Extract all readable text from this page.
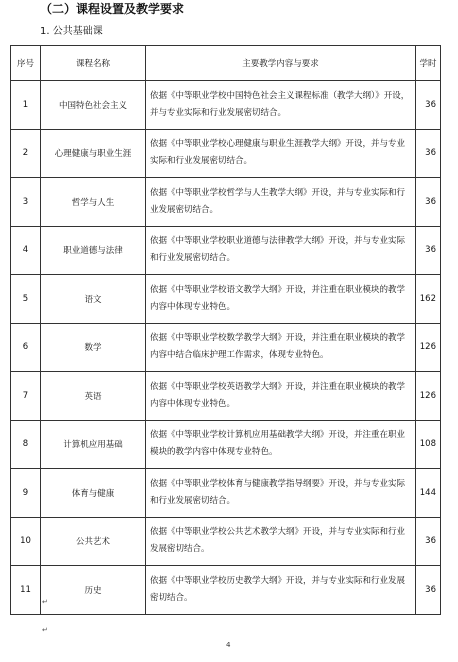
（二）课程设置及教学要求
1. 公共基础课
序号	课程名称	主要教学内容与要求	学时
1	中国特色社会主义	依据《中等职业学校中国特色社会主义课程标准（教学大纲）》开设，并与专业实际和行业发展密切结合。	36
2	心理健康与职业生涯	依据《中等职业学校心理健康与职业生涯教学大纲》开设，并与专业实际和行业发展密切结合。	36
3	哲学与人生	依据《中等职业学校哲学与人生教学大纲》开设，并与专业实际和行业发展密切结合。	36
4	职业道德与法律	依据《中等职业学校职业道德与法律教学大纲》开设，并与专业实际和行业发展密切结合。	36
5	语文	依据《中等职业学校语文教学大纲》开设，并注重在职业模块的教学内容中体现专业特色。	162
6	数学	依据《中等职业学校数学教学大纲》开设，并注重在职业模块的教学内容中结合临床护理工作需求，体现专业特色。	126
7	英语	依据《中等职业学校英语教学大纲》开设，并注重在职业模块的教学内容中体现专业特色。	126
8	计算机应用基础	依据《中等职业学校计算机应用基础教学大纲》开设，并注重在职业模块的教学内容中体现专业特色。	108
9	体育与健康	依据《中等职业学校体育与健康教学指导纲要》开设，并与专业实际和行业发展密切结合。	144
10	公共艺术	依据《中等职业学校公共艺术教学大纲》开设，并与专业实际和行业发展密切结合。	36
11	历史	依据《中等职业学校历史教学大纲》开设，并与专业实际和行业发展密切结合。	36
↵
↵
4
